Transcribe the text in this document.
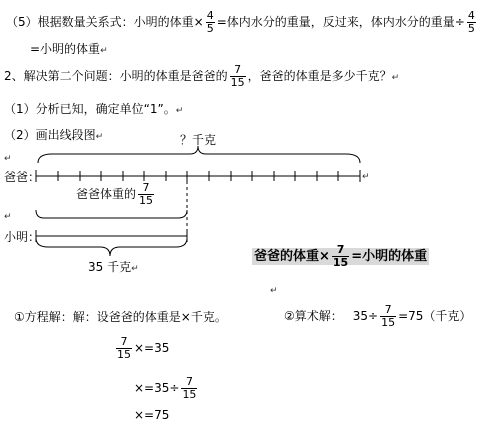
（5）根据数量关系式：小明的体重× $\frac{4}{5}$ =体内水分的重量，反过来，体内水分的重量÷ $\frac{4}{5}$
=小明的体重↵
2、解决第二个问题：小明的体重是爸爸的 $\frac{7}{15}$ ，爸爸的体重是多少千克？↵
（1）分析已知，确定单位“1”。↵
（2）画出线段图↵	？千克
↵
爸爸：	↵
爸爸体重的 $\frac{7}{15}$
↵
小明：
35 千克↵
爸爸的体重× $\frac{7}{15}$ =小明的体重
↵
①方程解：解：设爸爸的体重是×千克。	②算术解： $35\div \frac{7}{15} =75$（千克）
$\frac{7}{15} \times=35$
$\times=35\div \frac{7}{15}$
×=75
